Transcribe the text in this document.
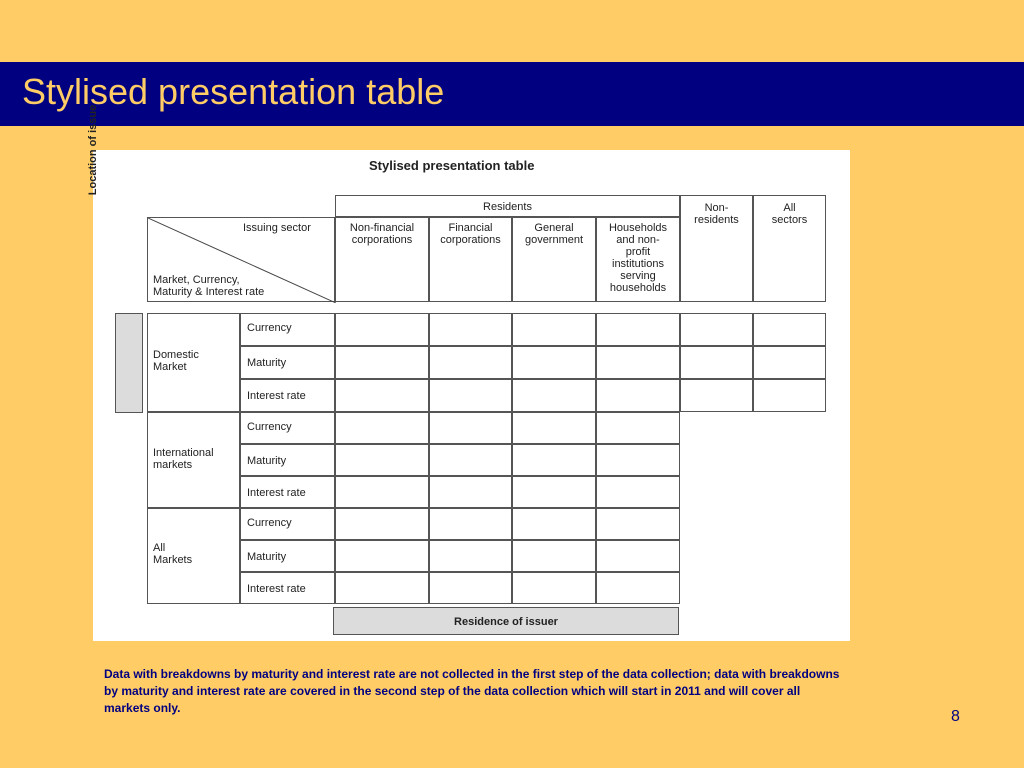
Stylised presentation table
Stylised presentation table
Residents	Non-
residents
All
sectors
Issuing sector
Market, Currency,
Maturity & Interest rate
Non-financial
corporations
Financial
corporations
General
government
Households
and non-
profit
institutions
serving
households
Location of issue
Domestic
Market
Currency
Maturity
Interest rate
International
markets
Currency
Maturity
Interest rate
All
Markets
Currency
Maturity
Interest rate
Residence of issuer
Data with breakdowns by maturity and interest rate are not collected in the first step of the data collection; data with breakdowns by maturity and interest rate are covered in the second step of the data collection which will start in 2011 and will cover all markets only.	8
